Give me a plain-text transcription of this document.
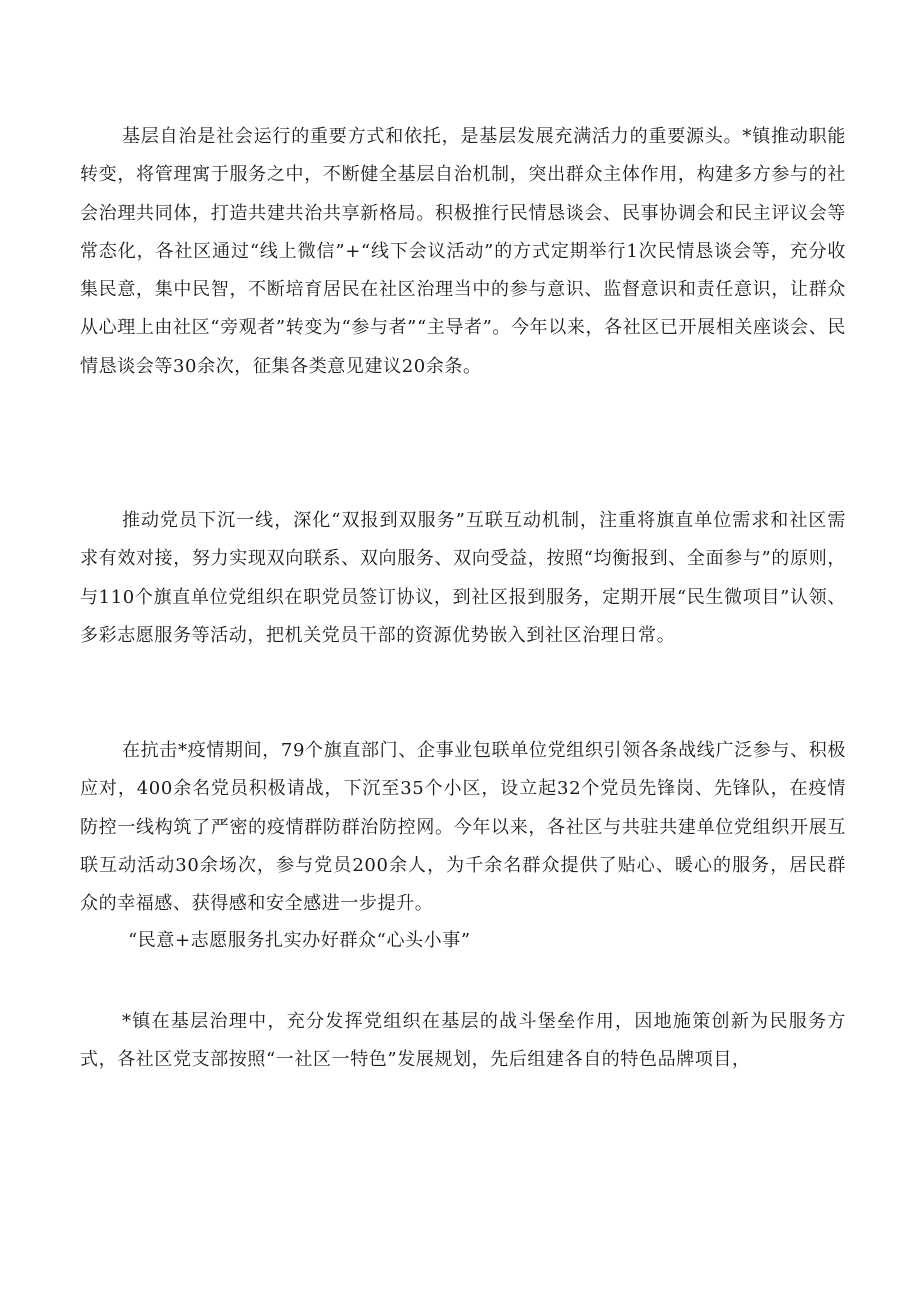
基层自治是社会运行的重要方式和依托，是基层发展充满活力的重要源头。*镇推动职能转变，将管理寓于服务之中，不断健全基层自治机制，突出群众主体作用，构建多方参与的社会治理共同体，打造共建共治共享新格局。积极推行民情恳谈会、民事协调会和民主评议会等常态化，各社区通过“线上微信”+“线下会议活动”的方式定期举行1次民情恳谈会等，充分收集民意，集中民智，不断培育居民在社区治理当中的参与意识、监督意识和责任意识，让群众从心理上由社区“旁观者”转变为“参与者”“主导者”。今年以来，各社区已开展相关座谈会、民情恳谈会等30余次，征集各类意见建议20余条。

推动党员下沉一线，深化“双报到双服务”互联互动机制，注重将旗直单位需求和社区需求有效对接，努力实现双向联系、双向服务、双向受益，按照“均衡报到、全面参与”的原则，与110个旗直单位党组织在职党员签订协议，到社区报到服务，定期开展“民生微项目”认领、多彩志愿服务等活动，把机关党员干部的资源优势嵌入到社区治理日常。

在抗击*疫情期间，79个旗直部门、企事业包联单位党组织引领各条战线广泛参与、积极应对，400余名党员积极请战，下沉至35个小区，设立起32个党员先锋岗、先锋队，在疫情防控一线构筑了严密的疫情群防群治防控网。今年以来，各社区与共驻共建单位党组织开展互联互动活动30余场次，参与党员200余人，为千余名群众提供了贴心、暖心的服务，居民群众的幸福感、获得感和安全感进一步提升。

“民意+志愿服务扎实办好群众“心头小事”

*镇在基层治理中，充分发挥党组织在基层的战斗堡垒作用，因地施策创新为民服务方式，各社区党支部按照“一社区一特色”发展规划，先后组建各自的特色品牌项目，
